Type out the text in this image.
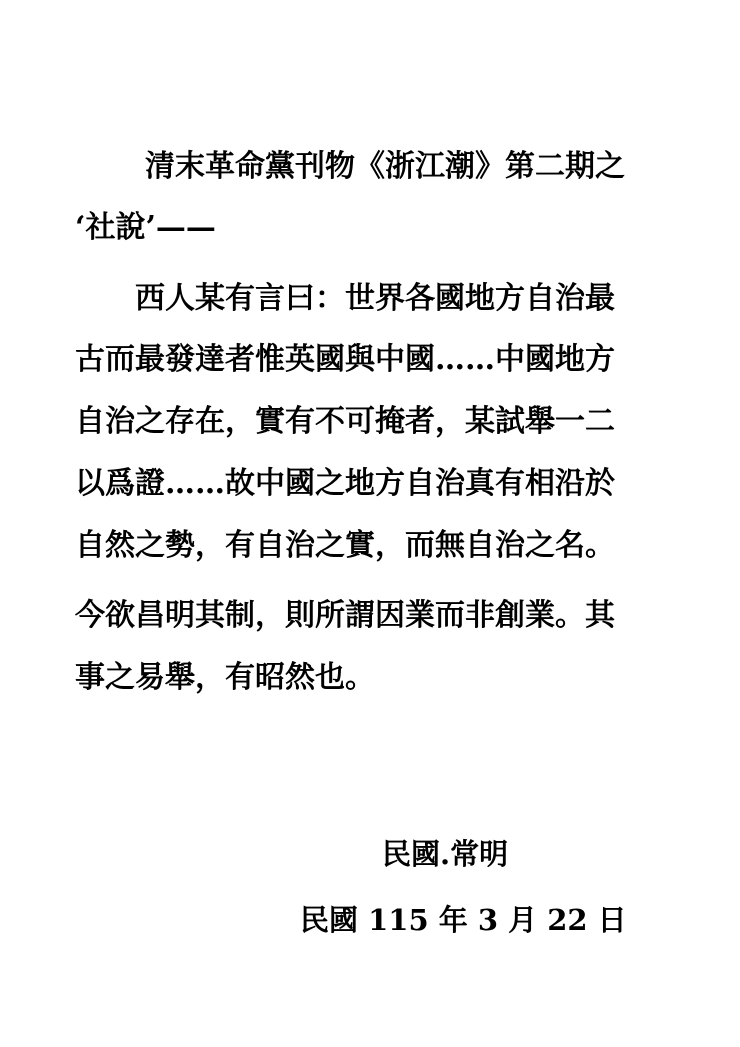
清末革命黨刊物《浙江潮》第二期之
‘社說’——
西人某有言曰：世界各國地方自治最
古而最發達者惟英國與中國……中國地方
自治之存在，實有不可掩者，某試舉一二
以爲證……故中國之地方自治真有相沿於
自然之勢，有自治之實，而無自治之名。
今欲昌明其制，則所謂因業而非創業。其
事之易舉，有昭然也。
民國.常明
民國 115 年 3 月 22 日
